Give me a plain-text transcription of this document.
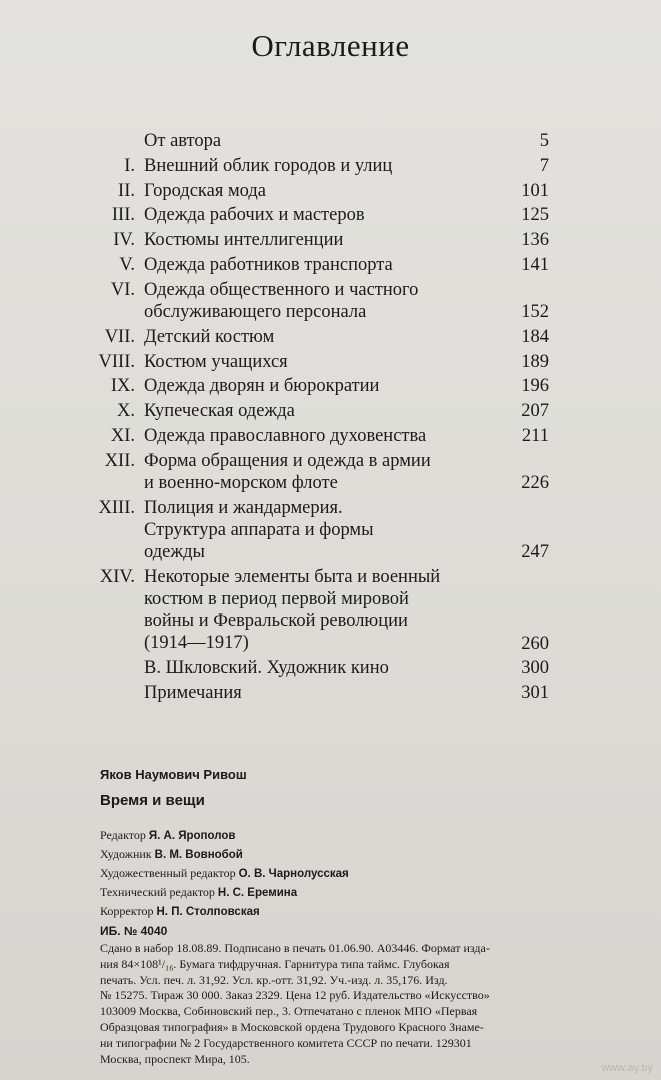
Оглавление
От автора	5
I. Внешний облик городов и улиц	7
II. Городская мода	101
III. Одежда рабочих и мастеров	125
IV. Костюмы интеллигенции	136
V. Одежда работников транспорта	141
VI. Одежда общественного и частного
обслуживающего персонала	152
VII. Детский костюм	184
VIII. Костюм учащихся	189
IX. Одежда дворян и бюрократии	196
X. Купеческая одежда	207
XI. Одежда православного духовенства	211
XII. Форма обращения и одежда в армии
и военно-морском флоте	226
XIII. Полиция и жандармерия.
Структура аппарата и формы
одежды	247
XIV. Некоторые элементы быта и военный
костюм в период первой мировой
войны и Февральской революции
(1914—1917)	260
В. Шкловский. Художник кино	300
Примечания	301
Яков Наумович Ривош
Время и вещи
Редактор Я. А. Ярополов
Художник В. М. Вовнобой
Художественный редактор О. В. Чарнолусская
Технический редактор Н. С. Еремина
Корректор Н. П. Столповская
ИБ. № 4040
Сдано в набор 18.08.89. Подписано в печать 01.06.90. А03446. Формат изда-
ния 84×108¹/₁₆. Бумага тифдручная. Гарнитура типа таймс. Глубокая
печать. Усл. печ. л. 31,92. Усл. кр.-отт. 31,92. Уч.-изд. л. 35,176. Изд.
№ 15275. Тираж 30 000. Заказ 2329. Цена 12 руб. Издательство «Искусство»
103009 Москва, Собиновский пер., 3. Отпечатано с пленок МПО «Первая
Образцовая типография» в Московской ордена Трудового Красного Знаме-
ни типографии № 2 Государственного комитета СССР по печати. 129301
Москва, проспект Мира, 105.
www.ay.by
